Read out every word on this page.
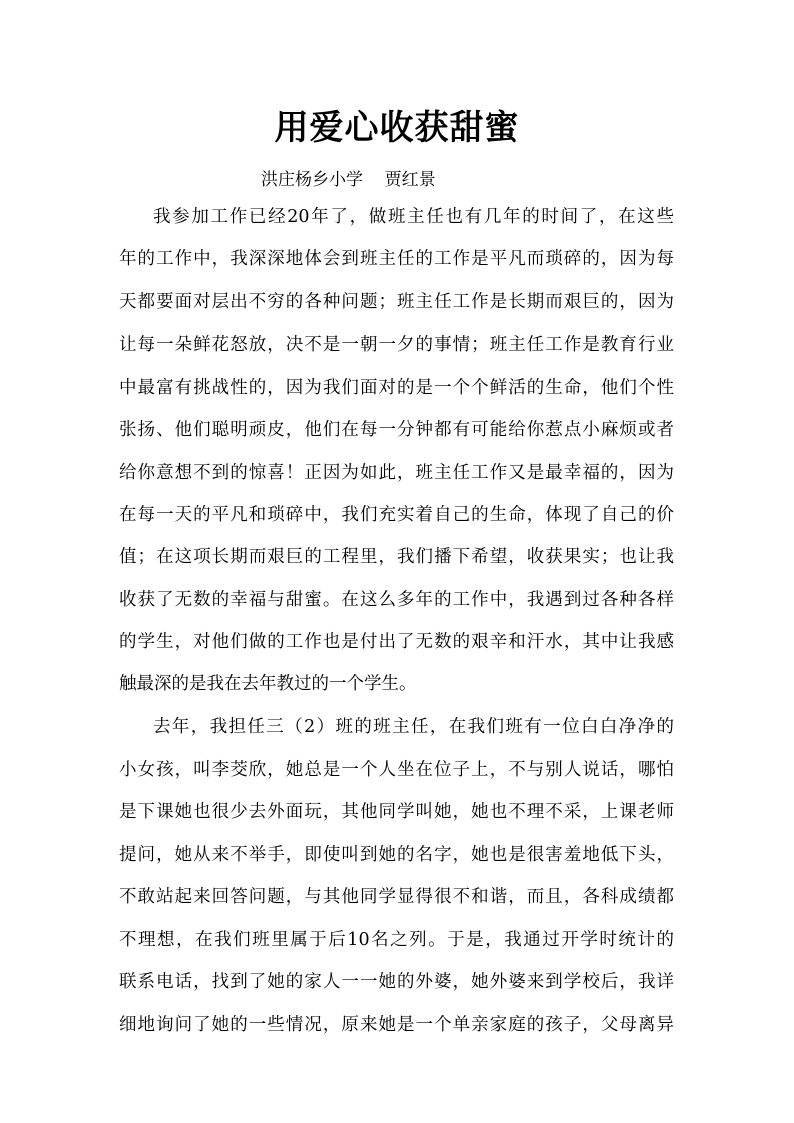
用爱心收获甜蜜
洪庄杨乡小学    贾红景
我参加工作已经20年了，做班主任也有几年的时间了，在这些
年的工作中，我深深地体会到班主任的工作是平凡而琐碎的，因为每
天都要面对层出不穷的各种问题；班主任工作是长期而艰巨的，因为
让每一朵鲜花怒放，决不是一朝一夕的事情；班主任工作是教育行业
中最富有挑战性的，因为我们面对的是一个个鲜活的生命，他们个性
张扬、他们聪明顽皮，他们在每一分钟都有可能给你惹点小麻烦或者
给你意想不到的惊喜！正因为如此，班主任工作又是最幸福的，因为
在每一天的平凡和琐碎中，我们充实着自己的生命，体现了自己的价
值；在这项长期而艰巨的工程里，我们播下希望，收获果实；也让我
收获了无数的幸福与甜蜜。在这么多年的工作中，我遇到过各种各样
的学生，对他们做的工作也是付出了无数的艰辛和汗水，其中让我感
触最深的是我在去年教过的一个学生。
去年，我担任三（2）班的班主任，在我们班有一位白白净净的
小女孩，叫李茭欣，她总是一个人坐在位子上，不与别人说话，哪怕
是下课她也很少去外面玩，其他同学叫她，她也不理不采，上课老师
提问，她从来不举手，即使叫到她的名字，她也是很害羞地低下头，
不敢站起来回答问题，与其他同学显得很不和谐，而且，各科成绩都
不理想，在我们班里属于后10名之列。于是，我通过开学时统计的
联系电话，找到了她的家人一一她的外婆，她外婆来到学校后，我详
细地询问了她的一些情况，原来她是一个单亲家庭的孩子，父母离异
